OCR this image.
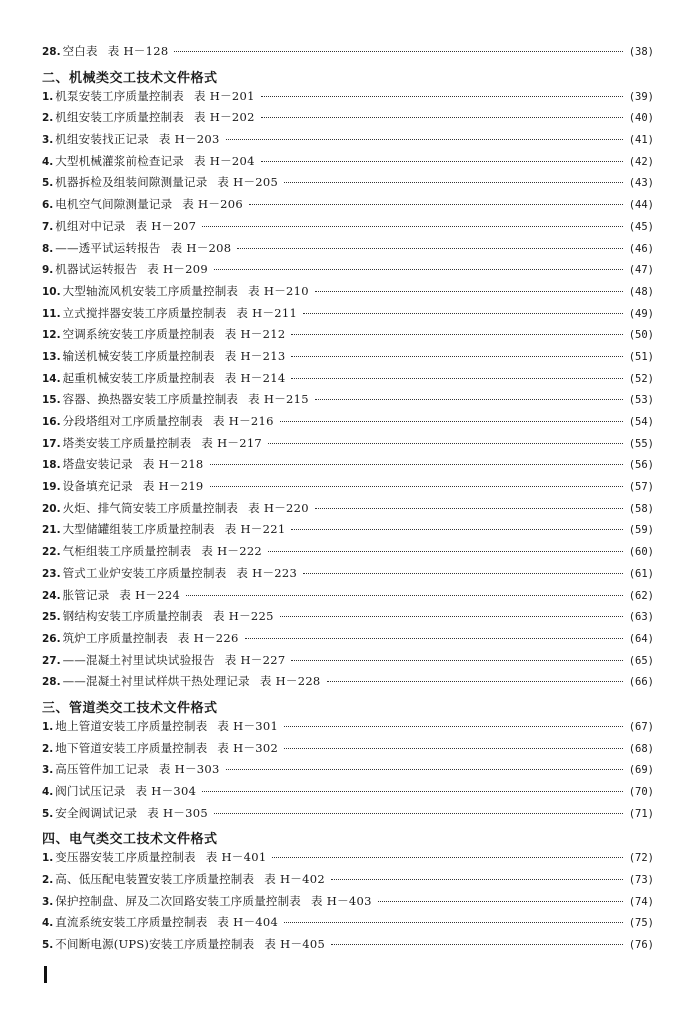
28. 空白表 表 H－128	(38)
二、机械类交工技术文件格式
1. 机泵安装工序质量控制表 表 H－201	(39)
2. 机组安装工序质量控制表 表 H－202	(40)
3. 机组安装找正记录 表 H－203	(41)
4. 大型机械灌浆前检查记录 表 H－204	(42)
5. 机器拆检及组装间隙测量记录 表 H－205	(43)
6. 电机空气间隙测量记录 表 H－206	(44)
7. 机组对中记录 表 H－207	(45)
8. ——透平试运转报告 表 H－208	(46)
9. 机器试运转报告 表 H－209	(47)
10. 大型轴流风机安装工序质量控制表 表 H－210	(48)
11. 立式搅拌器安装工序质量控制表 表 H－211	(49)
12. 空调系统安装工序质量控制表 表 H－212	(50)
13. 输送机械安装工序质量控制表 表 H－213	(51)
14. 起重机械安装工序质量控制表 表 H－214	(52)
15. 容器、换热器安装工序质量控制表 表 H－215	(53)
16. 分段塔组对工序质量控制表 表 H－216	(54)
17. 塔类安装工序质量控制表 表 H－217	(55)
18. 塔盘安装记录 表 H－218	(56)
19. 设备填充记录 表 H－219	(57)
20. 火炬、排气筒安装工序质量控制表 表 H－220	(58)
21. 大型储罐组装工序质量控制表 表 H－221	(59)
22. 气柜组装工序质量控制表 表 H－222	(60)
23. 管式工业炉安装工序质量控制表 表 H－223	(61)
24. 胀管记录 表 H－224	(62)
25. 钢结构安装工序质量控制表 表 H－225	(63)
26. 筑炉工序质量控制表 表 H－226	(64)
27. ——混凝土衬里试块试验报告 表 H－227	(65)
28. ——混凝土衬里试样烘干热处理记录 表 H－228	(66)
三、管道类交工技术文件格式
1. 地上管道安装工序质量控制表 表 H－301	(67)
2. 地下管道安装工序质量控制表 表 H－302	(68)
3. 高压管件加工记录 表 H－303	(69)
4. 阀门试压记录 表 H－304	(70)
5. 安全阀调试记录 表 H－305	(71)
四、电气类交工技术文件格式
1. 变压器安装工序质量控制表 表 H－401	(72)
2. 高、低压配电装置安装工序质量控制表 表 H－402	(73)
3. 保护控制盘、屏及二次回路安装工序质量控制表 表 H－403	(74)
4. 直流系统安装工序质量控制表 表 H－404	(75)
5. 不间断电源(UPS)安装工序质量控制表 表 H－405	(76)
